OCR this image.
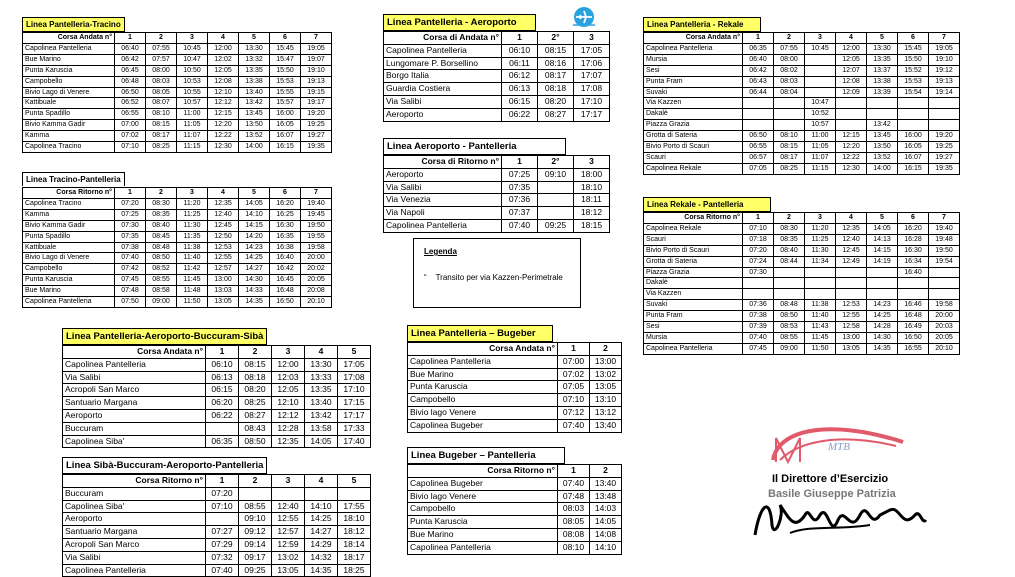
Linea Pantelleria-Tracino
Corsa Andata n°	1	2	3	4	5	6	7
Capolinea Pantelleria	06:40	07:55	10:45	12:00	13:30	15:45	19:05
Bue Marino	06:42	07:57	10:47	12:02	13:32	15:47	19:07
Punta Karuscia	06:45	08:00	10:50	12:05	13:35	15:50	19:10
Campobello	06:48	08:03	10:53	12:08	13:38	15:53	19:13
Bivio Lago di Venere	06:50	08:05	10:55	12:10	13:40	15:55	19:15
Kattibuale	06:52	08:07	10:57	12:12	13:42	15:57	19:17
Punta Spadillo	06:55	08:10	11:00	12:15	13:45	16:00	19:20
Bivio Kamma Gadir	07:00	08:15	11:05	12:20	13:50	16:05	19:25
Kamma	07:02	08:17	11:07	12:22	13:52	16:07	19:27
Capolinea Tracino	07:10	08:25	11:15	12:30	14:00	16:15	19:35
Linea Tracino-Pantelleria
Corsa Ritorno n°	1	2	3	4	5	6	7
Capolinea Tracino	07:20	08:30	11:20	12:35	14:05	16:20	19:40
Kamma	07:25	08:35	11:25	12:40	14:10	16:25	19:45
Bivio Kamma Gadir	07:30	08:40	11:30	12:45	14:15	16:30	19:50
Punta Spadillo	07:35	08:45	11:35	12:50	14:20	16:35	19:55
Kattibuale	07:38	08:48	11:38	12:53	14:23	16:38	19:58
Bivio Lago di Venere	07:40	08:50	11:40	12:55	14:25	16:40	20:00
Campobello	07:42	08:52	11:42	12:57	14:27	16:42	20:02
Punta Karuscia	07:45	08:55	11:45	13:00	14:30	16:45	20:05
Bue Marino	07:48	08:58	11:48	13:03	14:33	16:48	20:08
Capolinea Pantelleria	07:50	09:00	11:50	13:05	14:35	16:50	20:10
Linea Pantelleria - Aeroporto
Corsa di Andata n°	1	2°	3
Capolinea Pantelleria	06:10	08:15	17:05
Lungomare P. Borsellino	06:11	08:16	17:06
Borgo Italia	06:12	08:17	17:07
Guardia Costiera	06:13	08:18	17:08
Via Salibi	06:15	08:20	17:10
Aeroporto	06:22	08:27	17:17
Linea Aeroporto - Pantelleria
Corsa di Ritorno n°	1	2°	3
Aeroporto	07:25	09:10	18:00
Via Salibi	07:35		18:10
Via Venezia	07:36		18:11
Via Napoli	07:37		18:12
Capolinea Pantelleria	07:40	09:25	18:15
Linea Pantelleria - Rekale
Corsa Andata n°	1	2	3	4	5	6	7
Capolinea Pantelleria	06:35	07:55	10:45	12:00	13:30	15:45	19:05
Mursia	06:40	08:00		12:05	13:35	15:50	19:10
Sesi	06:42	08:02		12:07	13:37	15:52	19:12
Punta Fram	06:43	08:03		12:08	13:38	15:53	19:13
Suvaki	06:44	08:04		12:09	13:39	15:54	19:14
Via Kazzen			10:47				
Dakalè			10:52				
Piazza Grazia			10:57		13:42		
Grotta di Sateria	06:50	08:10	11:00	12:15	13:45	16:00	19:20
Bivio Porto di Scauri	06:55	08:15	11:05	12:20	13:50	16:05	19:25
Scauri	06:57	08:17	11:07	12:22	13:52	16:07	19:27
Capolinea Rekale	07:05	08:25	11:15	12:30	14:00	16:15	19:35
Linea Rekale - Pantelleria
Corsa Ritorno n°	1	2	3	4	5	6	7
Capolinea Rekale	07:10	08:30	11:20	12:35	14:05	16:20	19:40
Scauri	07:18	08:35	11:25	12:40	14:13	16:28	19:48
Bivio Porto di Scauri	07:20	08:40	11:30	12:45	14:15	16:30	19:50
Grotta di Sateria	07:24	08:44	11:34	12:49	14:19	16:34	19:54
Piazza Grazia	07:30					16:40	
Dakalè							
Via Kazzen							
Suvaki	07:36	08:48	11:38	12:53	14:23	16:46	19:58
Punta Fram	07:38	08:50	11:40	12:55	14:25	16:48	20:00
Sesi	07:39	08:53	11:43	12:58	14:28	16:49	20:03
Mursia	07:40	08:55	11:45	13:00	14:30	16:50	20:05
Capolinea Pantelleria	07:45	09:00	11:50	13:05	14:35	16:55	20:10
Linea Pantelleria-Aeroporto-Buccuram-Sibà
Corsa Andata n°	1	2	3	4	5
Capolinea Pantelleria	06:10	08:15	12:00	13:30	17:05
Via Salibi	06:13	08:18	12:03	13:33	17:08
Acropoli San Marco	06:15	08:20	12:05	13:35	17:10
Santuario Margana	06:20	08:25	12:10	13:40	17:15
Aeroporto	06:22	08:27	12:12	13:42	17:17
Buccuram		08:43	12:28	13:58	17:33
Capolinea Siba'	06:35	08:50	12:35	14:05	17:40
Linea Sibà-Buccuram-Aeroporto-Pantelleria
Corsa Ritorno n°	1	2	3	4	5
Buccuram	07:20				
Capolinea Siba'	07:10	08:55	12:40	14:10	17:55
Aeroporto		09:10	12:55	14:25	18:10
Santuario Margana	07:27	09:12	12:57	14:27	18:12
Acropoli San Marco	07:29	09:14	12:59	14:29	18:14
Via Salibi	07:32	09:17	13:02	14:32	18:17
Capolinea Pantelleria	07:40	09:25	13:05	14:35	18:25
Linea Pantelleria – Bugeber
Corsa Andata n°	1	2
Capolinea Pantelleria	07:00	13:00
Bue Marino	07:02	13:02
Punta Karuscia	07:05	13:05
Campobello	07:10	13:10
Bivio lago Venere	07:12	13:12
Capolinea Bugeber	07:40	13:40
Linea Bugeber – Pantelleria
Corsa Ritorno n°	1	2
Capolinea Bugeber	07:40	13:40
Bivio lago Venere	07:48	13:48
Campobello	08:03	14:03
Punta Karuscia	08:05	14:05
Bue Marino	08:08	14:08
Capolinea Pantelleria	08:10	14:10
Legenda
“ Transito per via Kazzen-Perimetrale
MTB
Il Direttore d’Esercizio
Basile Giuseppe Patrizia
